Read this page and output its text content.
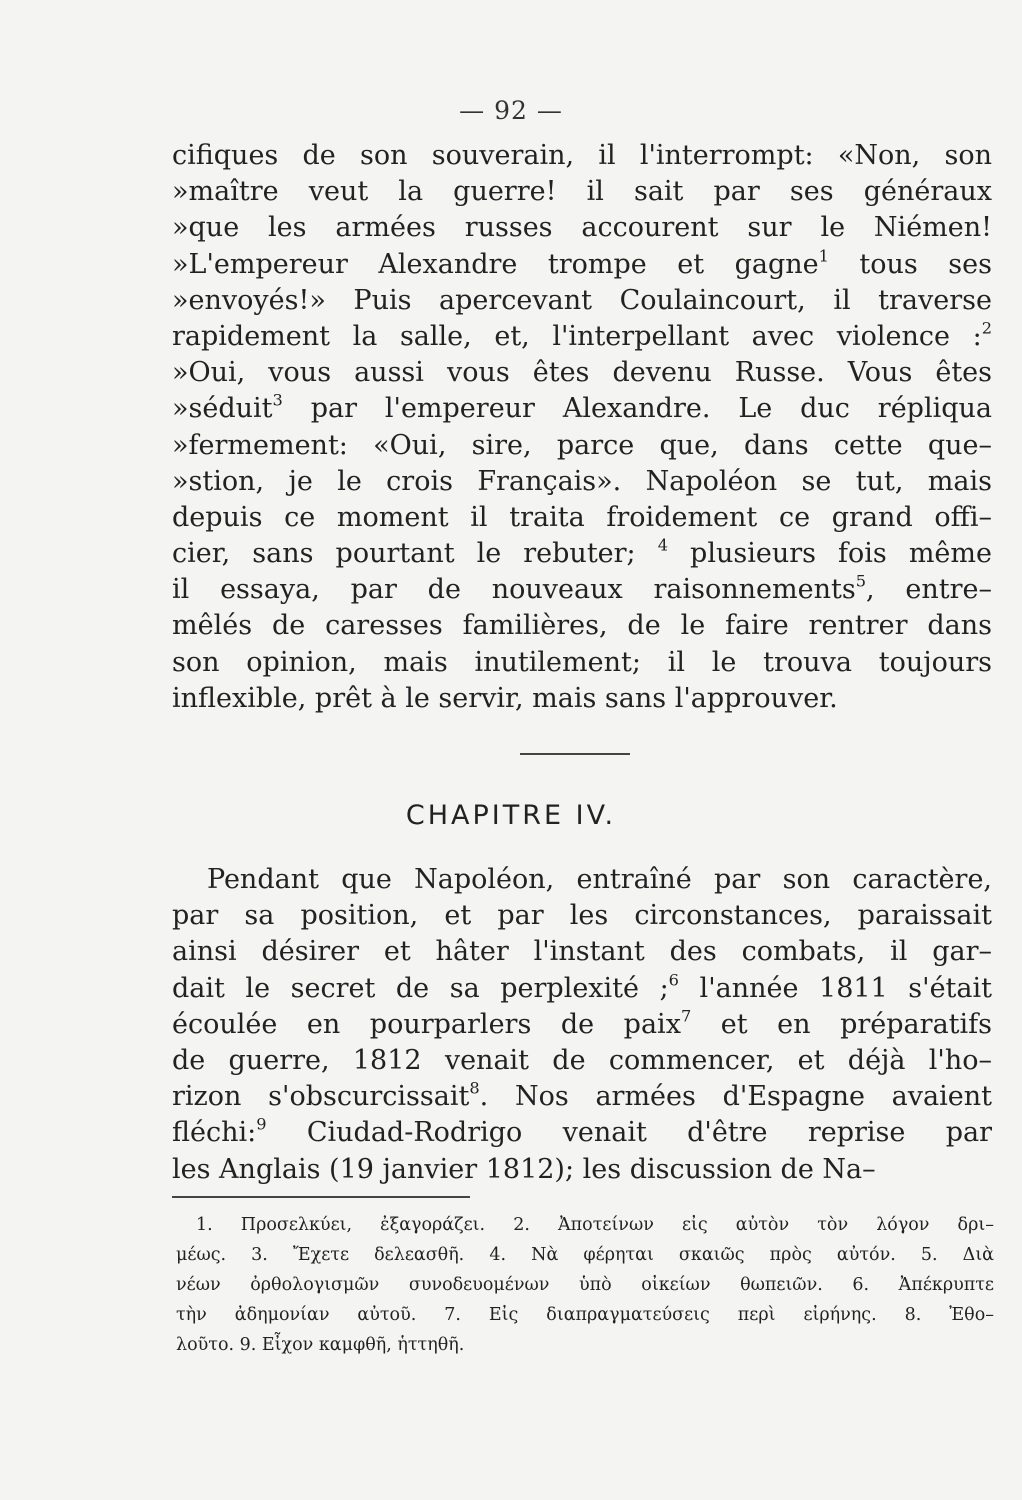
— 92 —
cifiques de son souverain, il l'interrompt: «Non, son
»maître veut la guerre! il sait par ses généraux
»que les armées russes accourent sur le Niémen!
»L'empereur Alexandre trompe et gagne$^1$ tous ses
»envoyés!» Puis apercevant Coulaincourt, il traverse
rapidement la salle, et, l'interpellant avec violence :$^2$
»Oui, vous aussi vous êtes devenu Russe. Vous êtes
»séduit$^3$ par l'empereur Alexandre. Le duc répliqua
»fermement: «Oui, sire, parce que, dans cette que–
»stion, je le crois Français». Napoléon se tut, mais
depuis ce moment il traita froidement ce grand offi–
cier, sans pourtant le rebuter; $^4$ plusieurs fois même
il essaya, par de nouveaux raisonnements$^5$, entre–
mêlés de caresses familières, de le faire rentrer dans
son opinion, mais inutilement; il le trouva toujours
inflexible, prêt à le servir, mais sans l'approuver.
CHAPITRE IV.
Pendant que Napoléon, entraîné par son caractère,
par sa position, et par les circonstances, paraissait
ainsi désirer et hâter l'instant des combats, il gar–
dait le secret de sa perplexité ;$^6$ l'année 1811 s'était
écoulée en pourparlers de paix$^7$ et en préparatifs
de guerre, 1812 venait de commencer, et déjà l'ho–
rizon s'obscurcissait$^8$. Nos armées d'Espagne avaient
fléchi:$^9$ Ciudad-Rodrigo venait d'être reprise par
les Anglais (19 janvier 1812); les discussion de Na–
1. Προσελκύει, ἐξαγοράζει. 2. Ἀποτείνων εἰς αὐτὸν τὸν λόγον δρι–
μέως. 3. Ἔχετε δελεασθῆ. 4. Νὰ φέρηται σκαιῶς πρὸς αὐτόν. 5. Διὰ
νέων ὀρθολογισμῶν συνοδευομένων ὑπὸ οἰκείων θωπειῶν. 6. Ἀπέκρυπτε
τὴν ἀδημονίαν αὐτοῦ. 7. Εἰς διαπραγματεύσεις περὶ εἰρήνης. 8. Ἐθο–
λοῦτο. 9. Εἶχον καμφθῆ, ἡττηθῆ.
